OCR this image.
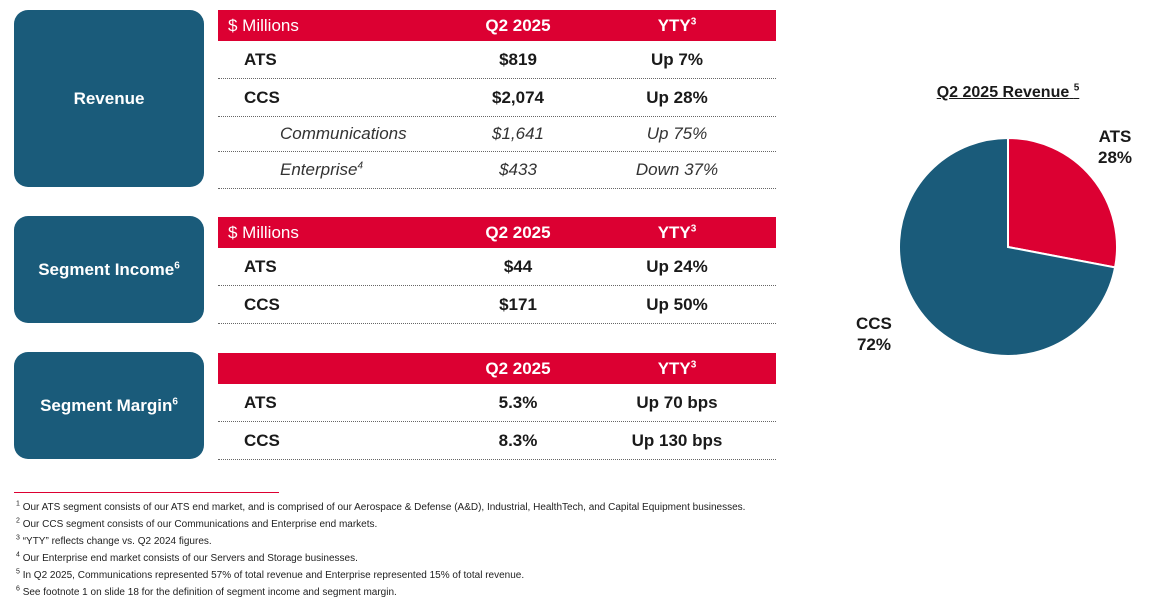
Revenue
$ Millions	Q2 2025	YTY$^3$
ATS	$819	Up 7%
CCS	$2,074	Up 28%
Communications	$1,641	Up 75%
Enterprise$^4$	$433	Down 37%
Segment Income$^6$
$ Millions	Q2 2025	YTY$^3$
ATS	$44	Up 24%
CCS	$171	Up 50%
Segment Margin$^6$
Q2 2025	YTY$^3$
ATS	5.3%	Up 70 bps
CCS	8.3%	Up 130 bps
Q2 2025 Revenue $^5$
ATS
28%
CCS
72%
$^1$ Our ATS segment consists of our ATS end market, and is comprised of our Aerospace & Defense (A&D), Industrial, HealthTech, and Capital Equipment businesses.
$^2$ Our CCS segment consists of our Communications and Enterprise end markets.
$^3$ “YTY” reflects change vs. Q2 2024 figures.
$^4$ Our Enterprise end market consists of our Servers and Storage businesses.
$^5$ In Q2 2025, Communications represented 57% of total revenue and Enterprise represented 15% of total revenue.
$^6$ See footnote 1 on slide 18 for the definition of segment income and segment margin.
